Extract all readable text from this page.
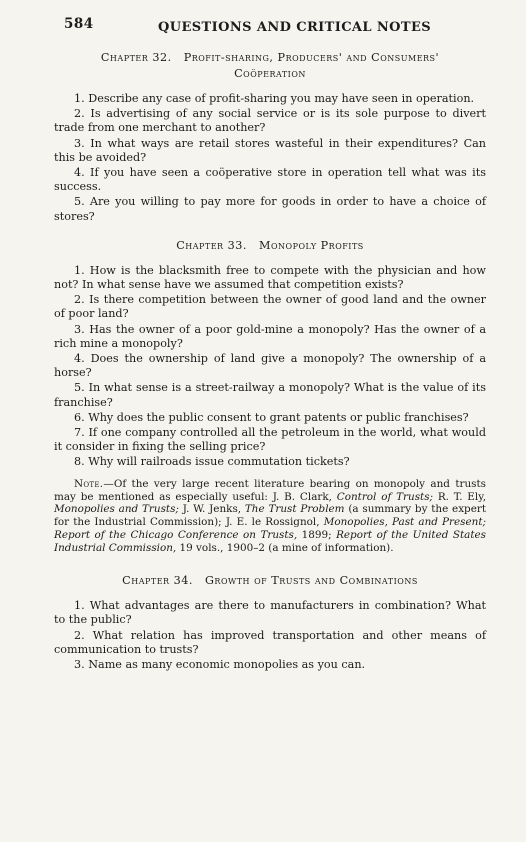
584	QUESTIONS AND CRITICAL NOTES

Chapter 32. Profit-sharing, Producers' and Consumers'
Coöperation

1. Describe any case of profit-sharing you may have seen in operation.

2. Is advertising of any social service or is its sole purpose to divert trade from one merchant to another?

3. In what ways are retail stores wasteful in their expenditures? Can this be avoided?

4. If you have seen a coöperative store in operation tell what was its success.

5. Are you willing to pay more for goods in order to have a choice of stores?

Chapter 33. Monopoly Profits

1. How is the blacksmith free to compete with the physician and how not? In what sense have we assumed that competition exists?

2. Is there competition between the owner of good land and the owner of poor land?

3. Has the owner of a poor gold-mine a monopoly? Has the owner of a rich mine a monopoly?

4. Does the ownership of land give a monopoly? The ownership of a horse?

5. In what sense is a street-railway a monopoly? What is the value of its franchise?

6. Why does the public consent to grant patents or public franchises?

7. If one company controlled all the petroleum in the world, what would it consider in fixing the selling price?

8. Why will railroads issue commutation tickets?

Note.—Of the very large recent literature bearing on monopoly and trusts may be mentioned as especially useful: J. B. Clark, Control of Trusts; R. T. Ely, Monopolies and Trusts; J. W. Jenks, The Trust Problem (a summary by the expert for the Industrial Commission); J. E. le Rossignol, Monopolies, Past and Present; Report of the Chicago Conference on Trusts, 1899; Report of the United States Industrial Commission, 19 vols., 1900–2 (a mine of information).

Chapter 34. Growth of Trusts and Combinations

1. What advantages are there to manufacturers in combination? What to the public?

2. What relation has improved transportation and other means of communication to trusts?

3. Name as many economic monopolies as you can.
